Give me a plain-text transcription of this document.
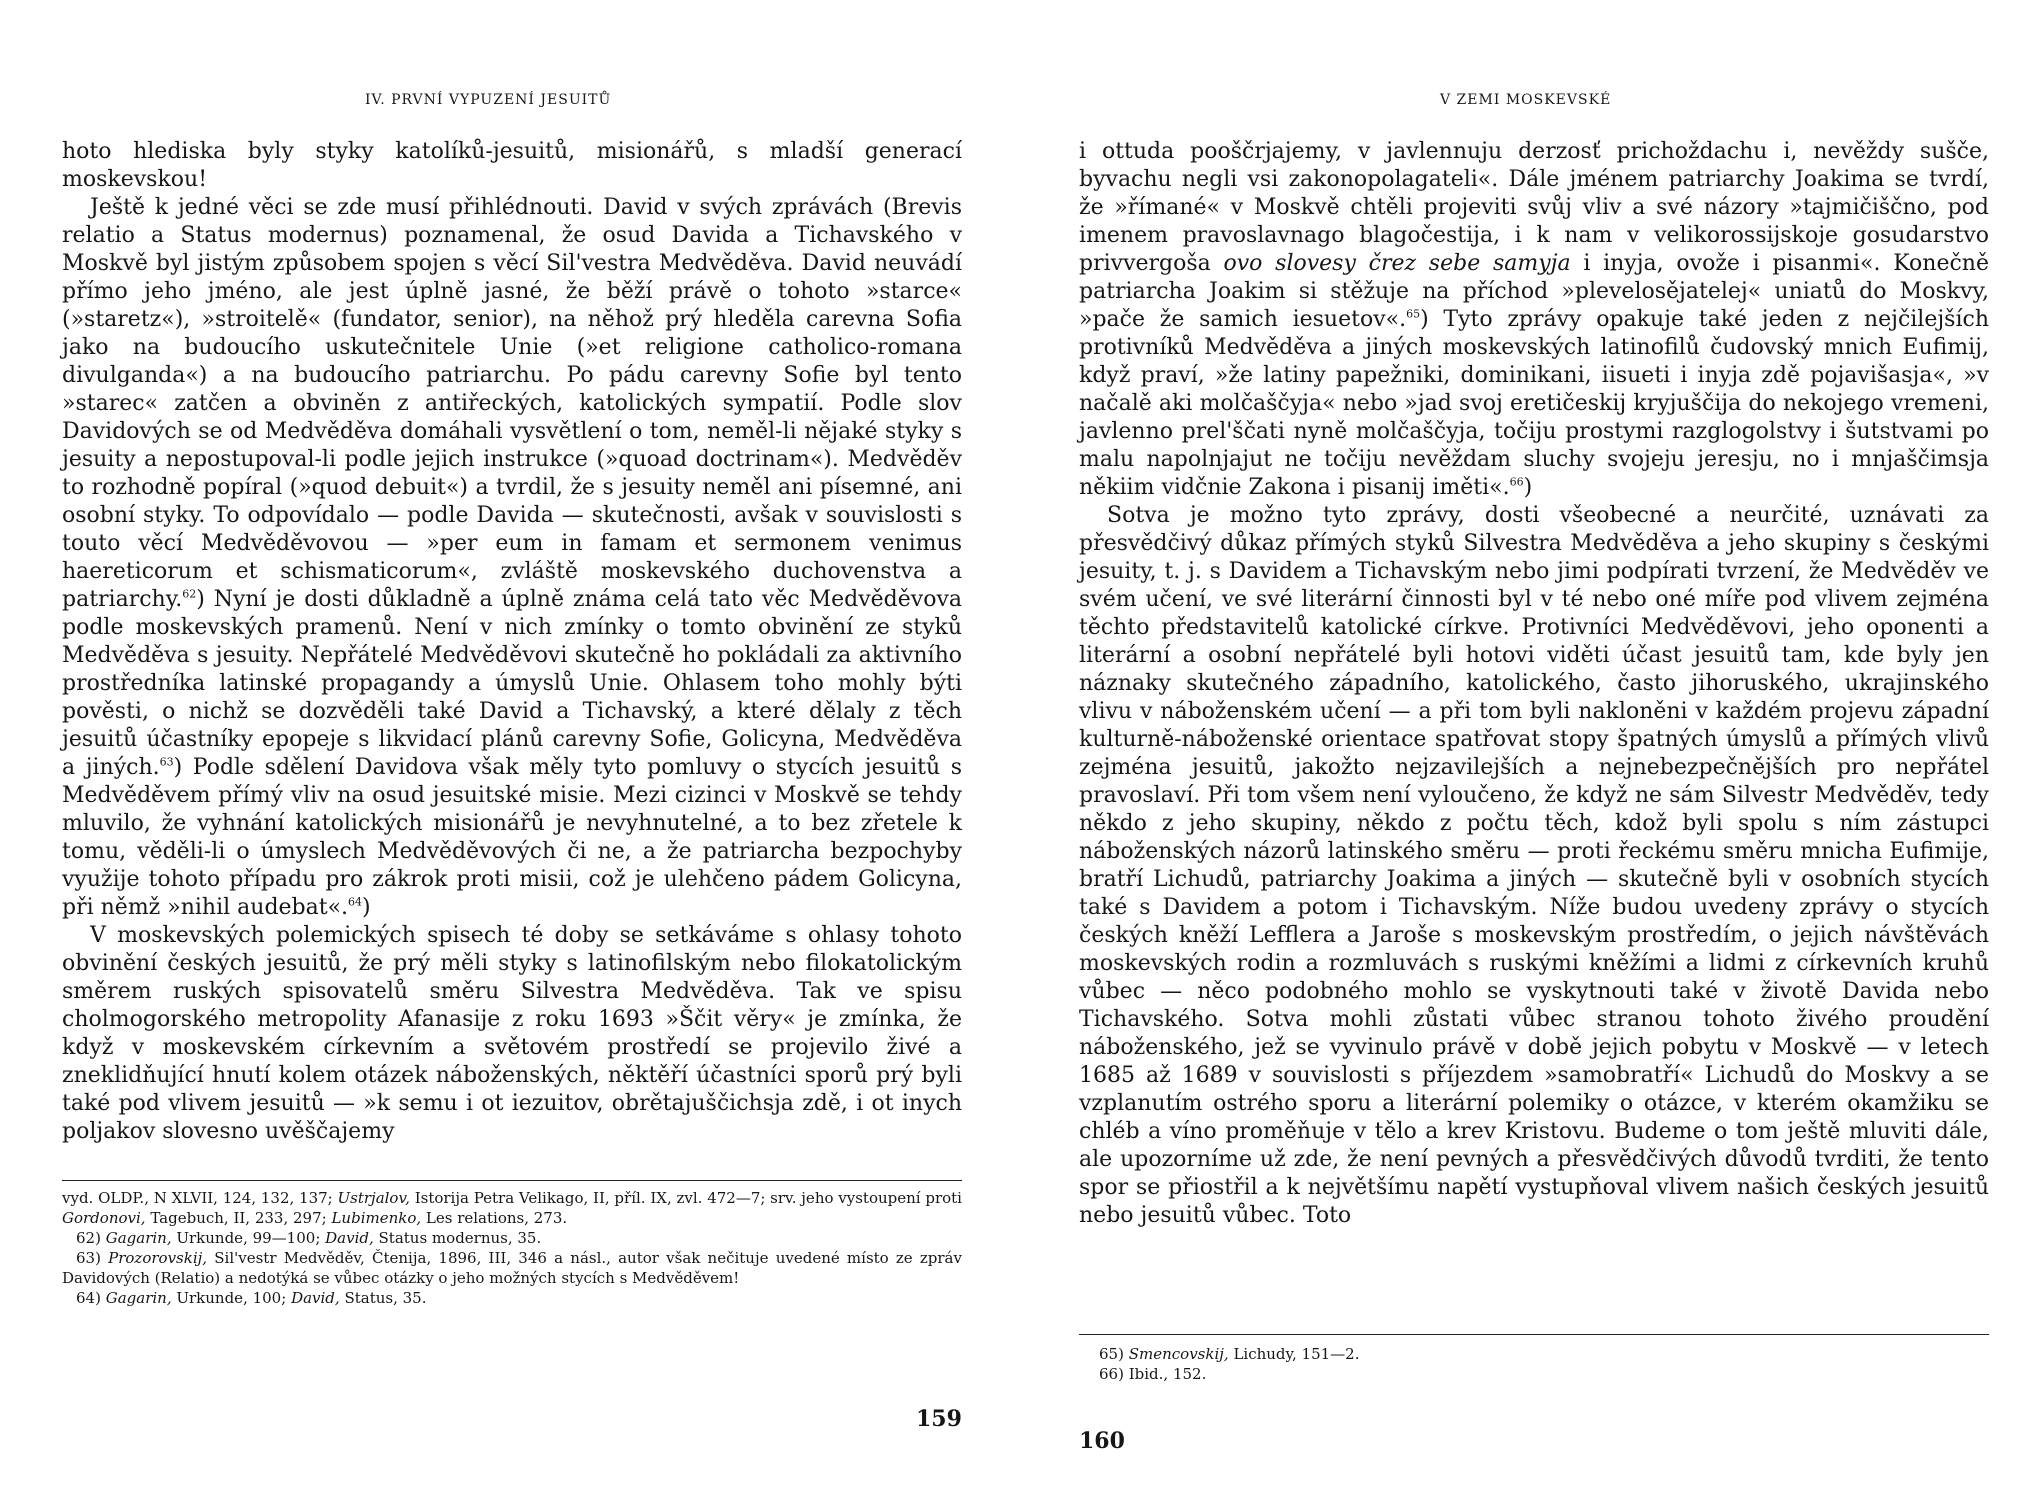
IV. PRVNÍ VYPUZENÍ JESUITŮ

hoto hlediska byly styky katolíků-jesuitů, misionářů, s mladší generací moskevskou!

Ještě k jedné věci se zde musí přihlédnouti. David v svých zprávách (Brevis relatio a Status modernus) poznamenal, že osud Davida a Tichavského v Moskvě byl jistým způsobem spojen s věcí Sil'vestra Medvěděva. David neuvádí přímo jeho jméno, ale jest úplně jasné, že běží právě o tohoto »starce« (»staretz«), »stroitelě« (fundator, senior), na něhož prý hleděla carevna Sofia jako na budoucího uskutečnitele Unie (»et religione catholico-romana divulganda«) a na budoucího patriarchu. Po pádu carevny Sofie byl tento »starec« zatčen a obviněn z antiřeckých, katolických sympatií. Podle slov Davidových se od Medvěděva domáhali vysvětlení o tom, neměl-li nějaké styky s jesuity a nepostupoval-li podle jejich instrukce (»quoad doctrinam«). Medvěděv to rozhodně popíral (»quod debuit«) a tvrdil, že s jesuity neměl ani písemné, ani osobní styky. To odpovídalo — podle Davida — skutečnosti, avšak v souvislosti s touto věcí Medvěděvovou — »per eum in famam et sermonem venimus haereticorum et schismaticorum«, zvláště moskevského duchovenstva a patriarchy.$^{62}$) Nyní je dosti důkladně a úplně známa celá tato věc Medvěděvova podle moskevských pramenů. Není v nich zmínky o tomto obvinění ze styků Medvěděva s jesuity. Nepřátelé Medvěděvovi skutečně ho pokládali za aktivního prostředníka latinské propagandy a úmyslů Unie. Ohlasem toho mohly býti pověsti, o nichž se dozvěděli také David a Tichavský, a které dělaly z těch jesuitů účastníky epopeje s likvidací plánů carevny Sofie, Golicyna, Medvěděva a jiných.$^{63}$) Podle sdělení Davidova však měly tyto pomluvy o stycích jesuitů s Medvěděvem přímý vliv na osud jesuitské misie. Mezi cizinci v Moskvě se tehdy mluvilo, že vyhnání katolických misionářů je nevyhnutelné, a to bez zřetele k tomu, věděli-li o úmyslech Medvěděvových či ne, a že patriarcha bezpochyby využije tohoto případu pro zákrok proti misii, což je ulehčeno pádem Golicyna, při němž »nihil audebat«.$^{64}$)

V moskevských polemických spisech té doby se setkáváme s ohlasy tohoto obvinění českých jesuitů, že prý měli styky s latinofilským nebo filokatolickým směrem ruských spisovatelů směru Silvestra Medvěděva. Tak ve spisu cholmogorského metropolity Afanasije z roku 1693 »Ščit věry« je zmínka, že když v moskevském církevním a světovém prostředí se projevilo živé a zneklidňující hnutí kolem otázek náboženských, něktěří účastníci sporů prý byli také pod vlivem jesuitů — »k semu i ot iezuitov, obrětajuščichsja zdě, i ot inych poljakov slovesno uvěščajemy

vyd. OLDP., N XLVII, 124, 132, 137; Ustrjalov, Istorija Petra Velikago, II, příl. IX, zvl. 472—7; srv. jeho vystoupení proti Gordonovi, Tagebuch, II, 233, 297; Lubimenko, Les relations, 273.

62) Gagarin, Urkunde, 99—100; David, Status modernus, 35.

63) Prozorovskij, Sil'vestr Medvěděv, Čtenija, 1896, III, 346 a násl., autor však nečituje uvedené místo ze zpráv Davidových (Relatio) a nedotýká se vůbec otázky o jeho možných stycích s Medvěděvem!

64) Gagarin, Urkunde, 100; David, Status, 35.

159
V ZEMI MOSKEVSKÉ

i ottuda pooščrjajemy, v javlennuju derzosť prichoždachu i, nevěždy sušče, byvachu negli vsi zakonopolagateli«. Dále jménem patriarchy Joakima se tvrdí, že »římané« v Moskvě chtěli projeviti svůj vliv a své názory »tajmičiščno, pod imenem pravoslavnago blagočestija, i k nam v velikorossijskoje gosudarstvo privvergoša ovo slovesy črez sebe samyja i inyja, ovože i pisanmi«. Konečně patriarcha Joakim si stěžuje na příchod »plevelosějatelej« uniatů do Moskvy, »pače že samich iesuetov«.$^{65}$) Tyto zprávy opakuje také jeden z nejčilejších protivníků Medvěděva a jiných moskevských latinofilů čudovský mnich Eufimij, když praví, »že latiny papežniki, dominikani, iisueti i inyja zdě pojavišasja«, »v načalě aki molčaščyja« nebo »jad svoj eretičeskij kryjuščija do nekojego vremeni, javlenno prel'ščati nyně molčaščyja, točiju prostymi razglogolstvy i šutstvami po malu napolnjajut ne točiju nevěždam sluchy svojeju jeresju, no i mnjaščimsja někiim vidčnie Zakona i pisanij iměti«.$^{66}$)

Sotva je možno tyto zprávy, dosti všeobecné a neurčité, uznávati za přesvědčivý důkaz přímých styků Silvestra Medvěděva a jeho skupiny s českými jesuity, t. j. s Davidem a Tichavským nebo jimi podpírati tvrzení, že Medvěděv ve svém učení, ve své literární činnosti byl v té nebo oné míře pod vlivem zejména těchto představitelů katolické církve. Protivníci Medvěděvovi, jeho oponenti a literární a osobní nepřátelé byli hotovi viděti účast jesuitů tam, kde byly jen náznaky skutečného západního, katolického, často jihoruského, ukrajinského vlivu v náboženském učení — a při tom byli nakloněni v každém projevu západní kulturně-náboženské orientace spatřovat stopy špatných úmyslů a přímých vlivů zejména jesuitů, jakožto nejzavilejších a nejnebezpečnějších pro nepřátel pravoslaví. Při tom všem není vyloučeno, že když ne sám Silvestr Medvěděv, tedy někdo z jeho skupiny, někdo z počtu těch, kdož byli spolu s ním zástupci náboženských názorů latinského směru — proti řeckému směru mnicha Eufimije, bratří Lichudů, patriarchy Joakima a jiných — skutečně byli v osobních stycích také s Davidem a potom i Tichavským. Níže budou uvedeny zprávy o stycích českých kněží Lefflera a Jaroše s moskevským prostředím, o jejich návštěvách moskevských rodin a rozmluvách s ruskými kněžími a lidmi z církevních kruhů vůbec — něco podobného mohlo se vyskytnouti také v životě Davida nebo Tichavského. Sotva mohli zůstati vůbec stranou tohoto živého proudění náboženského, jež se vyvinulo právě v době jejich pobytu v Moskvě — v letech 1685 až 1689 v souvislosti s příjezdem »samobratří« Lichudů do Moskvy a se vzplanutím ostrého sporu a literární polemiky o otázce, v kterém okamžiku se chléb a víno proměňuje v tělo a krev Kristovu. Budeme o tom ještě mluviti dále, ale upozorníme už zde, že není pevných a přesvědčivých důvodů tvrditi, že tento spor se přiostřil a k největšímu napětí vystupňoval vlivem našich českých jesuitů nebo jesuitů vůbec. Toto

65) Smencovskij, Lichudy, 151—2.

66) Ibid., 152.

160
